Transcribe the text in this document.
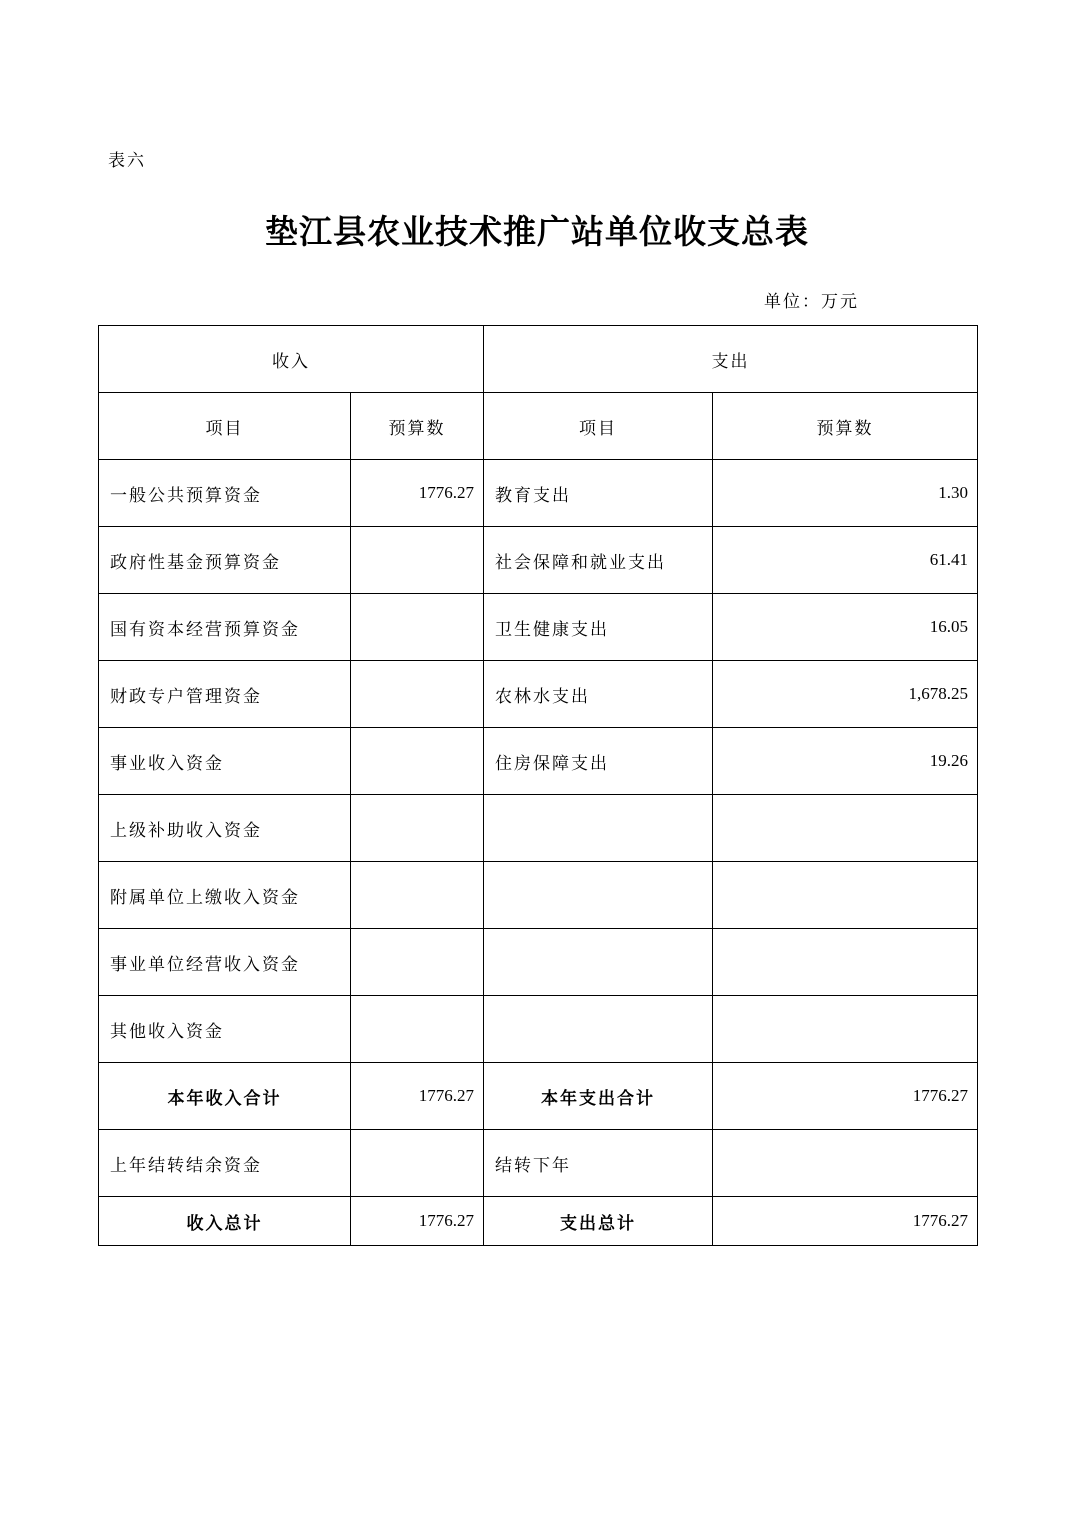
表六
垫江县农业技术推广站单位收支总表
单位：万元
收入		支出	
项目	预算数	项目	预算数
一般公共预算资金	1776.27	教育支出	1.30
政府性基金预算资金		社会保障和就业支出	61.41
国有资本经营预算资金		卫生健康支出	16.05
财政专户管理资金		农林水支出	1,678.25
事业收入资金		住房保障支出	19.26
上级补助收入资金			
附属单位上缴收入资金			
事业单位经营收入资金			
其他收入资金			
本年收入合计	1776.27	本年支出合计	1776.27
上年结转结余资金		结转下年	
收入总计	1776.27	支出总计	1776.27
